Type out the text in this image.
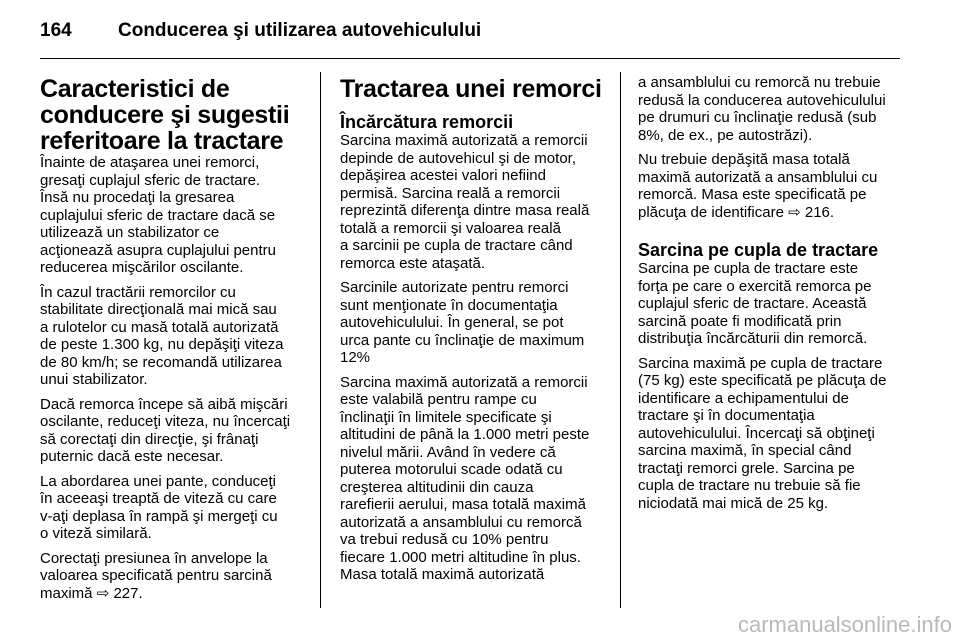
164	Conducerea şi utilizarea autovehiculului
Caracteristici de
conducere şi sugestii
referitoare la tractare

Înainte de ataşarea unei remorci,
gresaţi cuplajul sferic de tractare.
Însă nu procedaţi la gresarea
cuplajului sferic de tractare dacă se
utilizează un stabilizator ce
acţionează asupra cuplajului pentru
reducerea mişcărilor oscilante.

În cazul tractării remorcilor cu
stabilitate direcţională mai mică sau
a rulotelor cu masă totală autorizată
de peste 1.300 kg, nu depăşiţi viteza
de 80 km/h; se recomandă utilizarea
unui stabilizator.

Dacă remorca începe să aibă mişcări
oscilante, reduceţi viteza, nu încercaţi
să corectaţi din direcţie, şi frânaţi
puternic dacă este necesar.

La abordarea unei pante, conduceţi
în aceeaşi treaptă de viteză cu care
v-aţi deplasa în rampă şi mergeţi cu
o viteză similară.

Corectaţi presiunea în anvelope la
valoarea specificată pentru sarcină
maximă ⇨ 227.

Tractarea unei remorci
Încărcătura remorcii

Sarcina maximă autorizată a remorcii
depinde de autovehicul şi de motor,
depăşirea acestei valori nefiind
permisă. Sarcina reală a remorcii
reprezintă diferenţa dintre masa reală
totală a remorcii şi valoarea reală
a sarcinii pe cupla de tractare când
remorca este ataşată.

Sarcinile autorizate pentru remorci
sunt menţionate în documentaţia
autovehiculului. În general, se pot
urca pante cu înclinaţie de maximum
12%

Sarcina maximă autorizată a remorcii
este valabilă pentru rampe cu
înclinaţii în limitele specificate şi
altitudini de până la 1.000 metri peste
nivelul mării. Având în vedere că
puterea motorului scade odată cu
creşterea altitudinii din cauza
rarefierii aerului, masa totală maximă
autorizată a ansamblului cu remorcă
va trebui redusă cu 10% pentru
fiecare 1.000 metri altitudine în plus.
Masa totală maximă autorizată

a ansamblului cu remorcă nu trebuie
redusă la conducerea autovehiculului
pe drumuri cu înclinaţie redusă (sub
8%, de ex., pe autostrăzi).

Nu trebuie depăşită masa totală
maximă autorizată a ansamblului cu
remorcă. Masa este specificată pe
plăcuţa de identificare ⇨ 216.

Sarcina pe cupla de tractare

Sarcina pe cupla de tractare este
forţa pe care o exercită remorca pe
cuplajul sferic de tractare. Această
sarcină poate fi modificată prin
distribuţia încărcăturii din remorcă.

Sarcina maximă pe cupla de tractare
(75 kg) este specificată pe plăcuţa de
identificare a echipamentului de
tractare şi în documentaţia
autovehiculului. Încercaţi să obţineţi
sarcina maximă, în special când
tractaţi remorci grele. Sarcina pe
cupla de tractare nu trebuie să fie
niciodată mai mică de 25 kg.

carmanualsonline.info
